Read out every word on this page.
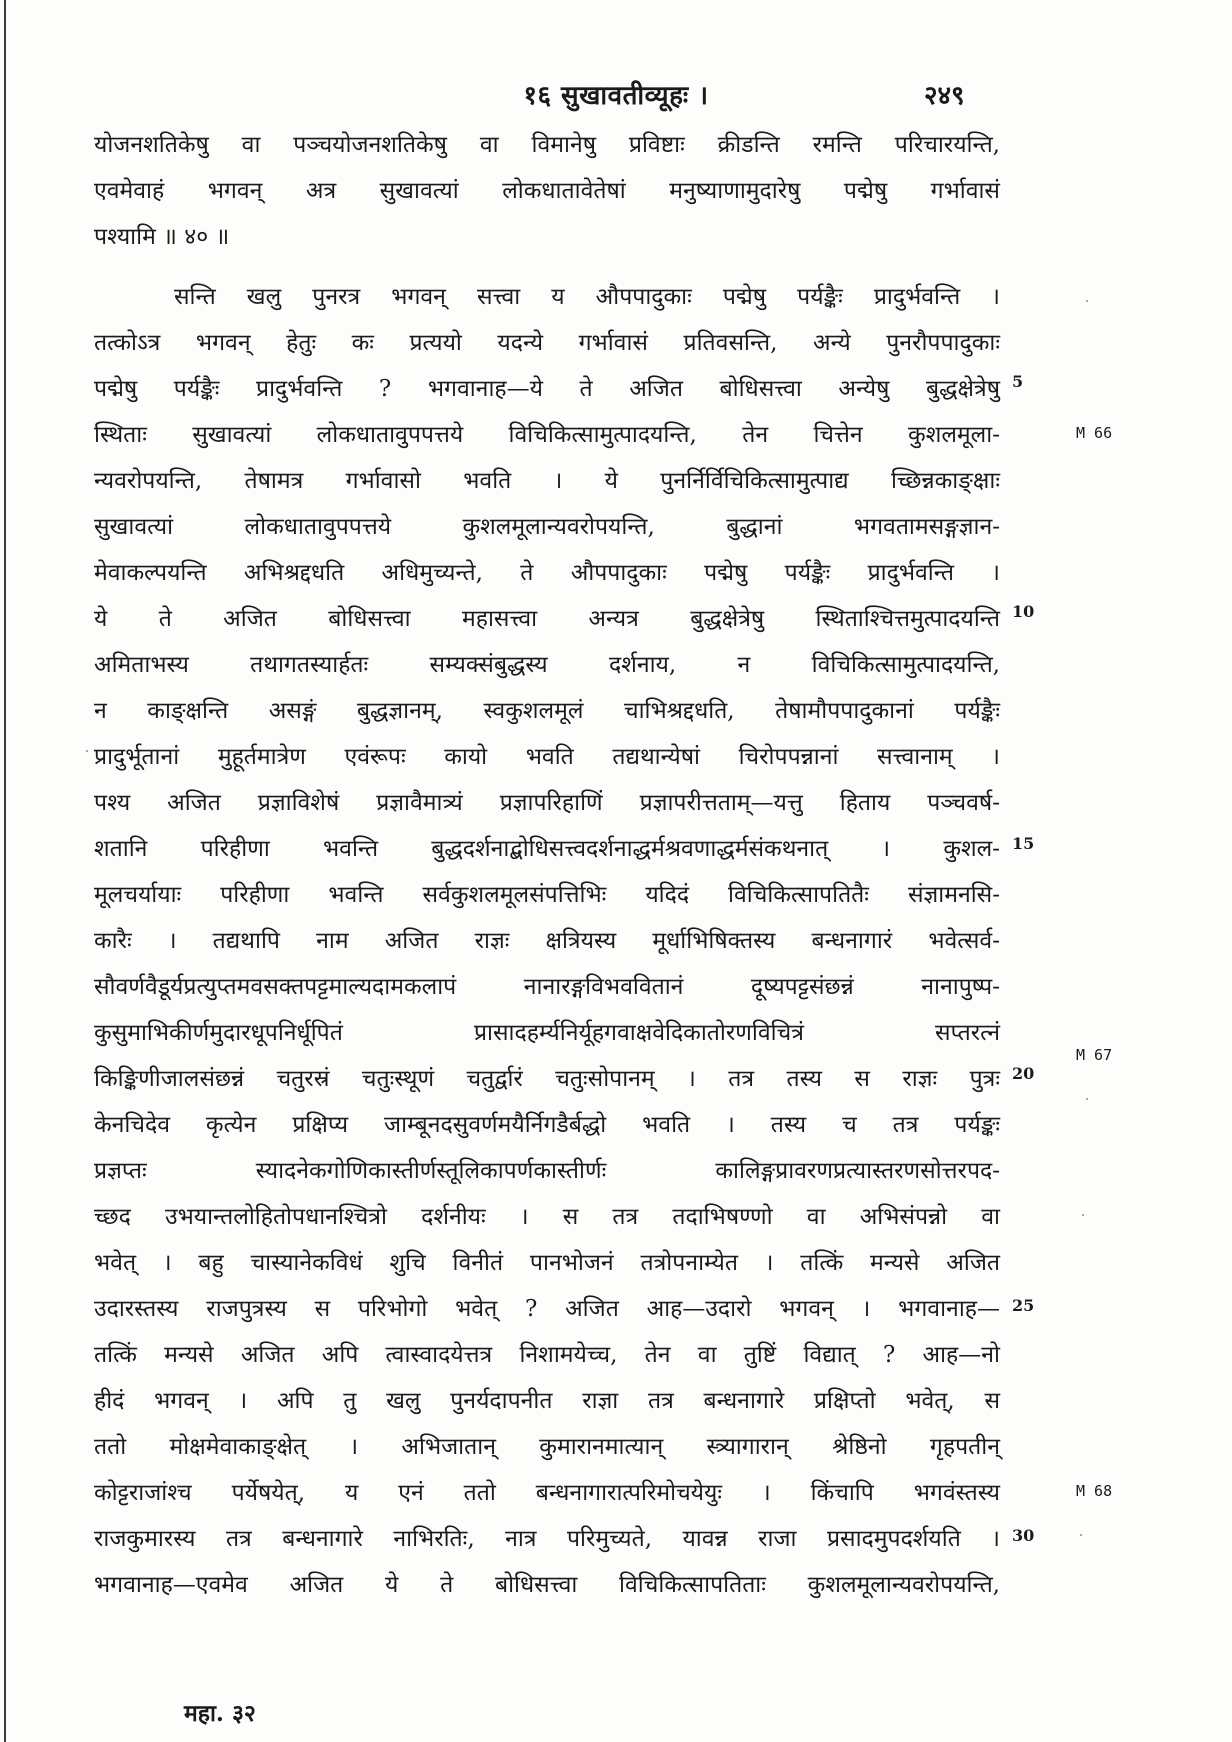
१६ सुखावतीव्यूहः ।	२४९
योजनशतिकेषु वा पञ्चयोजनशतिकेषु वा विमानेषु प्रविष्टाः क्रीडन्ति रमन्ति परिचारयन्ति,
एवमेवाहं भगवन् अत्र सुखावत्यां लोकधातावेतेषां मनुष्याणामुदारेषु पद्मेषु गर्भावासं
पश्यामि ॥ ४० ॥
सन्ति खलु पुनरत्र भगवन् सत्त्वा य औपपादुकाः पद्मेषु पर्यङ्कैः प्रादुर्भवन्ति ।
तत्कोऽत्र भगवन् हेतुः कः प्रत्ययो यदन्ये गर्भावासं प्रतिवसन्ति, अन्ये पुनरौपपादुकाः
पद्मेषु पर्यङ्कैः प्रादुर्भवन्ति ? भगवानाह—ये ते अजित बोधिसत्त्वा अन्येषु बुद्धक्षेत्रेषु
स्थिताः सुखावत्यां लोकधातावुपपत्तये विचिकित्सामुत्पादयन्ति, तेन चित्तेन कुशलमूला-
न्यवरोपयन्ति, तेषामत्र गर्भावासो भवति । ये पुनर्निर्विचिकित्सामुत्पाद्य च्छिन्नकाङ्क्षाः
सुखावत्यां लोकधातावुपपत्तये कुशलमूलान्यवरोपयन्ति, बुद्धानां भगवतामसङ्गज्ञान-
मेवाकल्पयन्ति अभिश्रद्दधति अधिमुच्यन्ते, ते औपपादुकाः पद्मेषु पर्यङ्कैः प्रादुर्भवन्ति ।
ये ते अजित बोधिसत्त्वा महासत्त्वा अन्यत्र बुद्धक्षेत्रेषु स्थिताश्चित्तमुत्पादयन्ति
अमिताभस्य तथागतस्यार्हतः सम्यक्संबुद्धस्य दर्शनाय, न विचिकित्सामुत्पादयन्ति,
न काङ्क्षन्ति असङ्गं बुद्धज्ञानम्, स्वकुशलमूलं चाभिश्रद्दधति, तेषामौपपादुकानां पर्यङ्कैः
प्रादुर्भूतानां मुहूर्तमात्रेण एवंरूपः कायो भवति तद्यथान्येषां चिरोपपन्नानां सत्त्वानाम् ।
पश्य अजित प्रज्ञाविशेषं प्रज्ञावैमात्र्यं प्रज्ञापरिहाणिं प्रज्ञापरीत्तताम्—यत्तु हिताय पञ्चवर्ष-
शतानि परिहीणा भवन्ति बुद्धदर्शनाद्बोधिसत्त्वदर्शनाद्धर्मश्रवणाद्धर्मसंकथनात् । कुशल-
मूलचर्यायाः परिहीणा भवन्ति सर्वकुशलमूलसंपत्तिभिः यदिदं विचिकित्सापतितैः संज्ञामनसि-
कारैः । तद्यथापि नाम अजित राज्ञः क्षत्रियस्य मूर्धाभिषिक्तस्य बन्धनागारं भवेत्सर्व-
सौवर्णवैडूर्यप्रत्युप्तमवसक्तपट्टमाल्यदामकलापं नानारङ्गविभववितानं दूष्यपट्टसंछन्नं नानापुष्प-
कुसुमाभिकीर्णमुदारधूपनिर्धूपितं प्रासादहर्म्यनिर्यूहगवाक्षवेदिकातोरणविचित्रं सप्तरत्नं
किङ्किणीजालसंछन्नं चतुरस्रं चतुःस्थूणं चतुर्द्वारं चतुःसोपानम् । तत्र तस्य स राज्ञः पुत्रः
केनचिदेव कृत्येन प्रक्षिप्य जाम्बूनदसुवर्णमयैर्निगडैर्बद्धो भवति । तस्य च तत्र पर्यङ्कः
प्रज्ञप्तः स्यादनेकगोणिकास्तीर्णस्तूलिकापर्णकास्तीर्णः कालिङ्गप्रावरणप्रत्यास्तरणसोत्तरपद-
च्छद उभयान्तलोहितोपधानश्चित्रो दर्शनीयः । स तत्र तदाभिषण्णो वा अभिसंपन्नो वा
भवेत् । बहु चास्यानेकविधं शुचि विनीतं पानभोजनं तत्रोपनाम्येत । तत्किं मन्यसे अजित
उदारस्तस्य राजपुत्रस्य स परिभोगो भवेत् ? अजित आह—उदारो भगवन् । भगवानाह—
तत्किं मन्यसे अजित अपि त्वास्वादयेत्तत्र निशामयेच्च, तेन वा तुष्टिं विद्यात् ? आह—नो
हीदं भगवन् । अपि तु खलु पुनर्यदापनीत राज्ञा तत्र बन्धनागारे प्रक्षिप्तो भवेत्, स
ततो मोक्षमेवाकाङ्क्षेत् । अभिजातान् कुमारानमात्यान् स्त्र्यागारान् श्रेष्ठिनो गृहपतीन्
कोट्टराजांश्च पर्येषयेत्, य एनं ततो बन्धनागारात्परिमोचयेयुः । किंचापि भगवंस्तस्य
राजकुमारस्य तत्र बन्धनागारे नाभिरतिः, नात्र परिमुच्यते, यावन्न राजा प्रसादमुपदर्शयति ।
भगवानाह—एवमेव अजित ये ते बोधिसत्त्वा विचिकित्सापतिताः कुशलमूलान्यवरोपयन्ति,
5
10
15
20
25
30
M 66
M 67
M 68
महा. ३२
